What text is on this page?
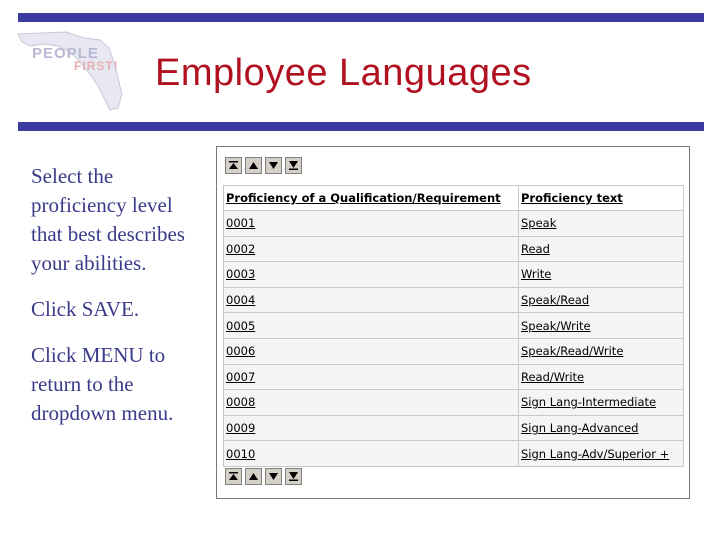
PEOPLE
FIRST! Employee Languages

Select the proficiency level that best describes your abilities.

Click SAVE.

Click MENU to return to the dropdown menu.

Proficiency of a Qualification/Requirement	Proficiency text
0001	Speak
0002	Read
0003	Write
0004	Speak/Read
0005	Speak/Write
0006	Speak/Read/Write
0007	Read/Write
0008	Sign Lang-Intermediate
0009	Sign Lang-Advanced
0010	Sign Lang-Adv/Superior +
